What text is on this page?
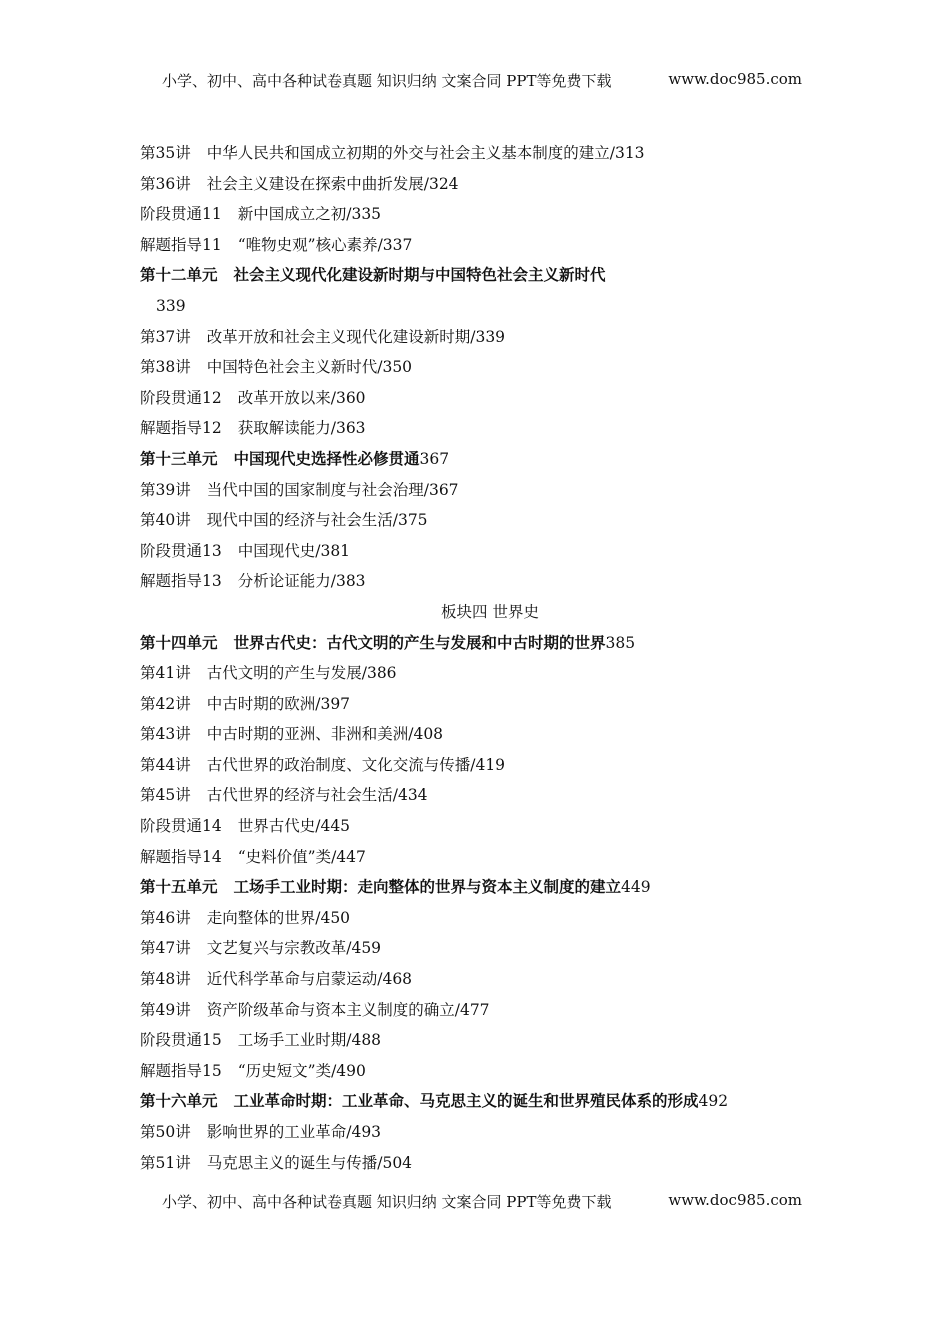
小学、初中、高中各种试卷真题 知识归纳 文案合同 PPT等免费下载	www.doc985.com
第35讲 中华人民共和国成立初期的外交与社会主义基本制度的建立/313
第36讲 社会主义建设在探索中曲折发展/324
阶段贯通11 新中国成立之初/335
解题指导11 “唯物史观”核心素养/337
第十二单元 社会主义现代化建设新时期与中国特色社会主义新时代
339
第37讲 改革开放和社会主义现代化建设新时期/339
第38讲 中国特色社会主义新时代/350
阶段贯通12 改革开放以来/360
解题指导12 获取解读能力/363
第十三单元 中国现代史选择性必修贯通367
第39讲 当代中国的国家制度与社会治理/367
第40讲 现代中国的经济与社会生活/375
阶段贯通13 中国现代史/381
解题指导13 分析论证能力/383
板块四 世界史
第十四单元 世界古代史：古代文明的产生与发展和中古时期的世界385
第41讲 古代文明的产生与发展/386
第42讲 中古时期的欧洲/397
第43讲 中古时期的亚洲、非洲和美洲/408
第44讲 古代世界的政治制度、文化交流与传播/419
第45讲 古代世界的经济与社会生活/434
阶段贯通14 世界古代史/445
解题指导14 “史料价值”类/447
第十五单元 工场手工业时期：走向整体的世界与资本主义制度的建立449
第46讲 走向整体的世界/450
第47讲 文艺复兴与宗教改革/459
第48讲 近代科学革命与启蒙运动/468
第49讲 资产阶级革命与资本主义制度的确立/477
阶段贯通15 工场手工业时期/488
解题指导15 “历史短文”类/490
第十六单元 工业革命时期：工业革命、马克思主义的诞生和世界殖民体系的形成492
第50讲 影响世界的工业革命/493
第51讲 马克思主义的诞生与传播/504
小学、初中、高中各种试卷真题 知识归纳 文案合同 PPT等免费下载	www.doc985.com
